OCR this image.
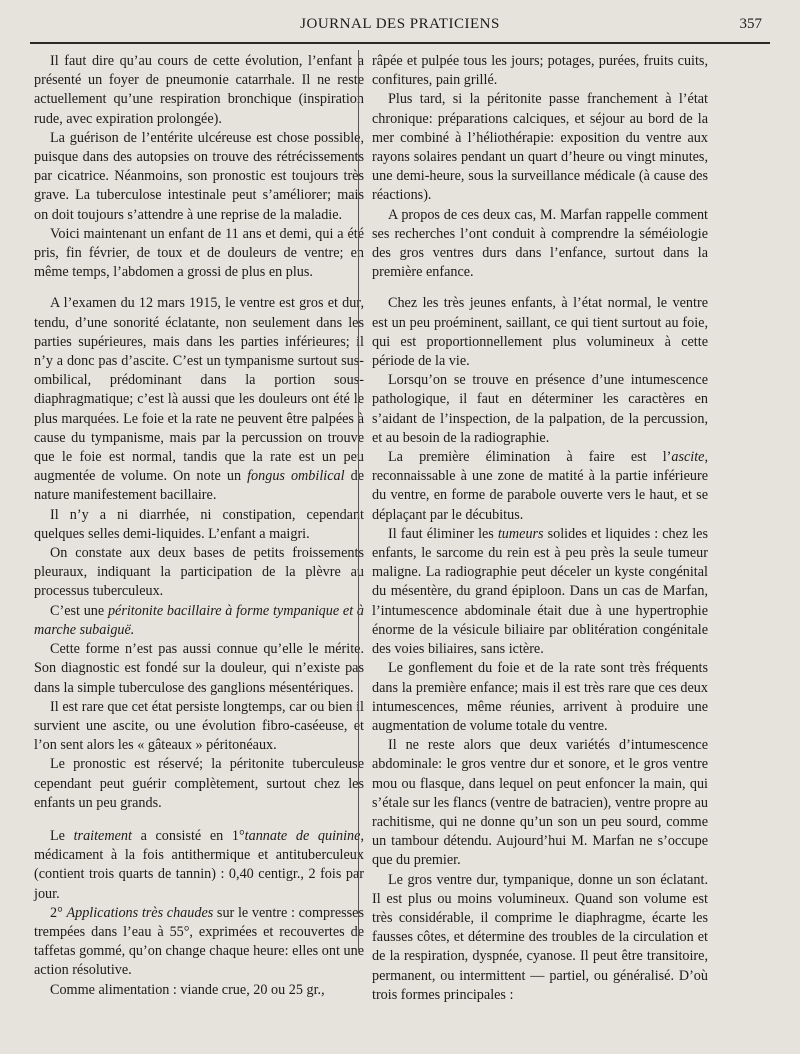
JOURNAL DES PRATICIENS	357

Il faut dire qu’au cours de cette évolution, l’enfant a présenté un foyer de pneumonie catarrhale. Il ne reste actuellement qu’une respiration bronchique (inspiration rude, avec expiration prolongée).

La guérison de l’entérite ulcéreuse est chose possible, puisque dans des autopsies on trouve des rétrécissements par cicatrice. Néanmoins, son pronostic est toujours très grave. La tuberculose intestinale peut s’améliorer; mais on doit toujours s’attendre à une reprise de la maladie.

Voici maintenant un enfant de 11 ans et demi, qui a été pris, fin février, de toux et de douleurs de ventre; en même temps, l’abdomen a grossi de plus en plus.

A l’examen du 12 mars 1915, le ventre est gros et dur, tendu, d’une sonorité éclatante, non seulement dans les parties supérieures, mais dans les parties inférieures; il n’y a donc pas d’ascite. C’est un tympanisme surtout sus-ombilical, prédominant dans la portion sous-diaphragmatique; c’est là aussi que les douleurs ont été le plus marquées. Le foie et la rate ne peuvent être palpées à cause du tympanisme, mais par la percussion on trouve que le foie est normal, tandis que la rate est un peu augmentée de volume. On note un fongus ombilical de nature manifestement bacillaire.

Il n’y a ni diarrhée, ni constipation, cependant quelques selles demi-liquides. L’enfant a maigri.

On constate aux deux bases de petits froissements pleuraux, indiquant la participation de la plèvre au processus tuberculeux.

C’est une péritonite bacillaire à forme tympanique et à marche subaiguë.

Cette forme n’est pas aussi connue qu’elle le mérite. Son diagnostic est fondé sur la douleur, qui n’existe pas dans la simple tuberculose des ganglions mésentériques.

Il est rare que cet état persiste longtemps, car ou bien il survient une ascite, ou une évolution fibro-caséeuse, et l’on sent alors les « gâteaux » péritonéaux.

Le pronostic est réservé; la péritonite tuberculeuse cependant peut guérir complètement, surtout chez les enfants un peu grands.

Le traitement a consisté en 1°tannate de quinine, médicament à la fois antithermique et antituberculeux (contient trois quarts de tannin) : 0,40 centigr., 2 fois par jour.

2° Applications très chaudes sur le ventre : compresses trempées dans l’eau à 55°, exprimées et recouvertes de taffetas gommé, qu’on change chaque heure: elles ont une action résolutive.

Comme alimentation : viande crue, 20 ou 25 gr.,

râpée et pulpée tous les jours; potages, purées, fruits cuits, confitures, pain grillé.

Plus tard, si la péritonite passe franchement à l’état chronique: préparations calciques, et séjour au bord de la mer combiné à l’héliothérapie: exposition du ventre aux rayons solaires pendant un quart d’heure ou vingt minutes, une demi-heure, sous la surveillance médicale (à cause des réactions).

A propos de ces deux cas, M. Marfan rappelle comment ses recherches l’ont conduit à comprendre la séméiologie des gros ventres durs dans l’enfance, surtout dans la première enfance.

Chez les très jeunes enfants, à l’état normal, le ventre est un peu proéminent, saillant, ce qui tient surtout au foie, qui est proportionnellement plus volumineux à cette période de la vie.

Lorsqu’on se trouve en présence d’une intumescence pathologique, il faut en déterminer les caractères en s’aidant de l’inspection, de la palpation, de la percussion, et au besoin de la radiographie.

La première élimination à faire est l’ascite, reconnaissable à une zone de matité à la partie inférieure du ventre, en forme de parabole ouverte vers le haut, et se déplaçant par le décubitus.

Il faut éliminer les tumeurs solides et liquides : chez les enfants, le sarcome du rein est à peu près la seule tumeur maligne. La radiographie peut déceler un kyste congénital du mésentère, du grand épiploon. Dans un cas de Marfan, l’intumescence abdominale était due à une hypertrophie énorme de la vésicule biliaire par oblitération congénitale des voies biliaires, sans ictère.

Le gonflement du foie et de la rate sont très fréquents dans la première enfance; mais il est très rare que ces deux intumescences, même réunies, arrivent à produire une augmentation de volume totale du ventre.

Il ne reste alors que deux variétés d’intumescence abdominale: le gros ventre dur et sonore, et le gros ventre mou ou flasque, dans lequel on peut enfoncer la main, qui s’étale sur les flancs (ventre de batracien), ventre propre au rachitisme, qui ne donne qu’un son un peu sourd, comme un tambour détendu. Aujourd’hui M. Marfan ne s’occupe que du premier.

Le gros ventre dur, tympanique, donne un son éclatant. Il est plus ou moins volumineux. Quand son volume est très considérable, il comprime le diaphragme, écarte les fausses côtes, et détermine des troubles de la circulation et de la respiration, dyspnée, cyanose. Il peut être transitoire, permanent, ou intermittent — partiel, ou généralisé. D’où trois formes principales :
